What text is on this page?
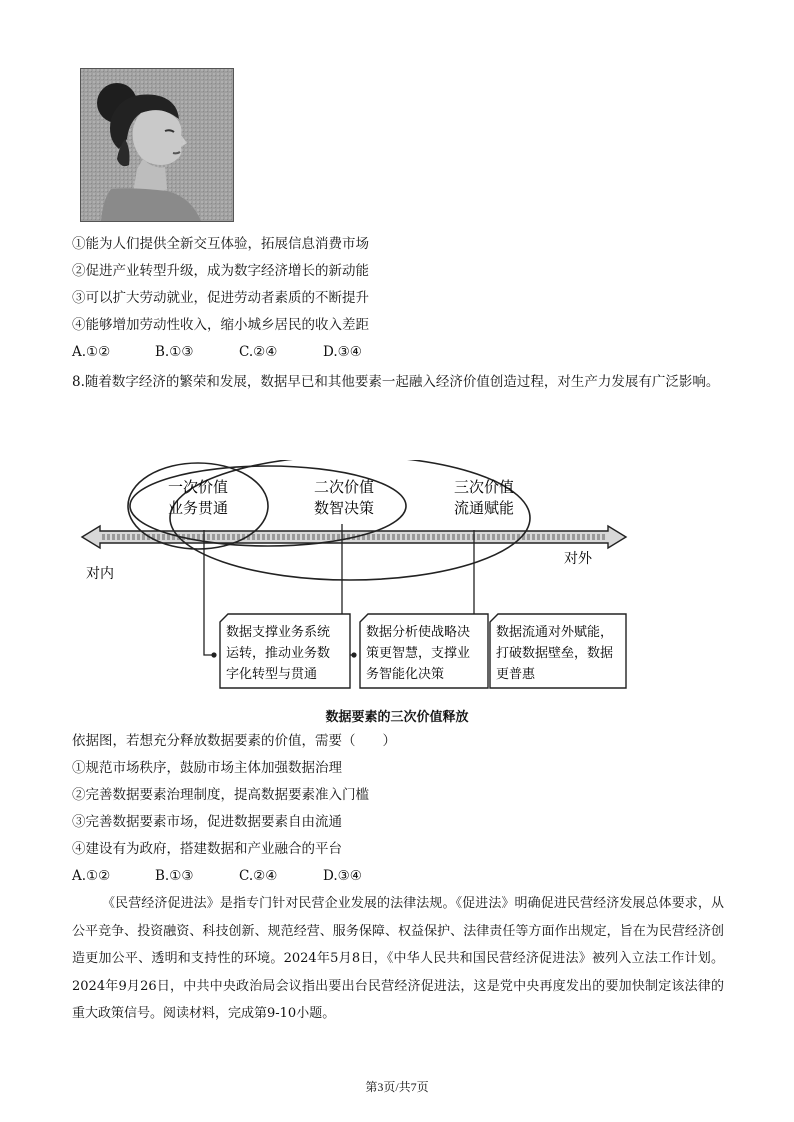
①能为人们提供全新交互体验，拓展信息消费市场
②促进产业转型升级，成为数字经济增长的新动能
③可以扩大劳动就业，促进劳动者素质的不断提升
④能够增加劳动性收入，缩小城乡居民的收入差距
A.①②	B.①③	C.②④	D.③④
8.随着数字经济的繁荣和发展，数据早已和其他要素一起融入经济价值创造过程，对生产力发展有广泛影响。
一次价值
业务贯通
二次价值
数智决策
三次价值
流通赋能
对内
对外
数据支撑业务系统
运转，推动业务数
字化转型与贯通
数据分析使战略决
策更智慧，支撑业
务智能化决策
数据流通对外赋能，
打破数据壁垒，数据
更普惠
数据要素的三次价值释放
依据图，若想充分释放数据要素的价值，需要（　　）
①规范市场秩序，鼓励市场主体加强数据治理
②完善数据要素治理制度，提高数据要素准入门槛
③完善数据要素市场，促进数据要素自由流通
④建设有为政府，搭建数据和产业融合的平台
A.①②	B.①③	C.②④	D.③④
《民营经济促进法》是指专门针对民营企业发展的法律法规。《促进法》明确促进民营经济发展总体要求，从公平竞争、投资融资、科技创新、规范经营、服务保障、权益保护、法律责任等方面作出规定，旨在为民营经济创造更加公平、透明和支持性的环境。2024年5月8日，《中华人民共和国民营经济促进法》被列入立法工作计划。2024年9月26日，中共中央政治局会议指出要出台民营经济促进法，这是党中央再度发出的要加快制定该法律的重大政策信号。阅读材料，完成第9-10小题。
第3页/共7页
